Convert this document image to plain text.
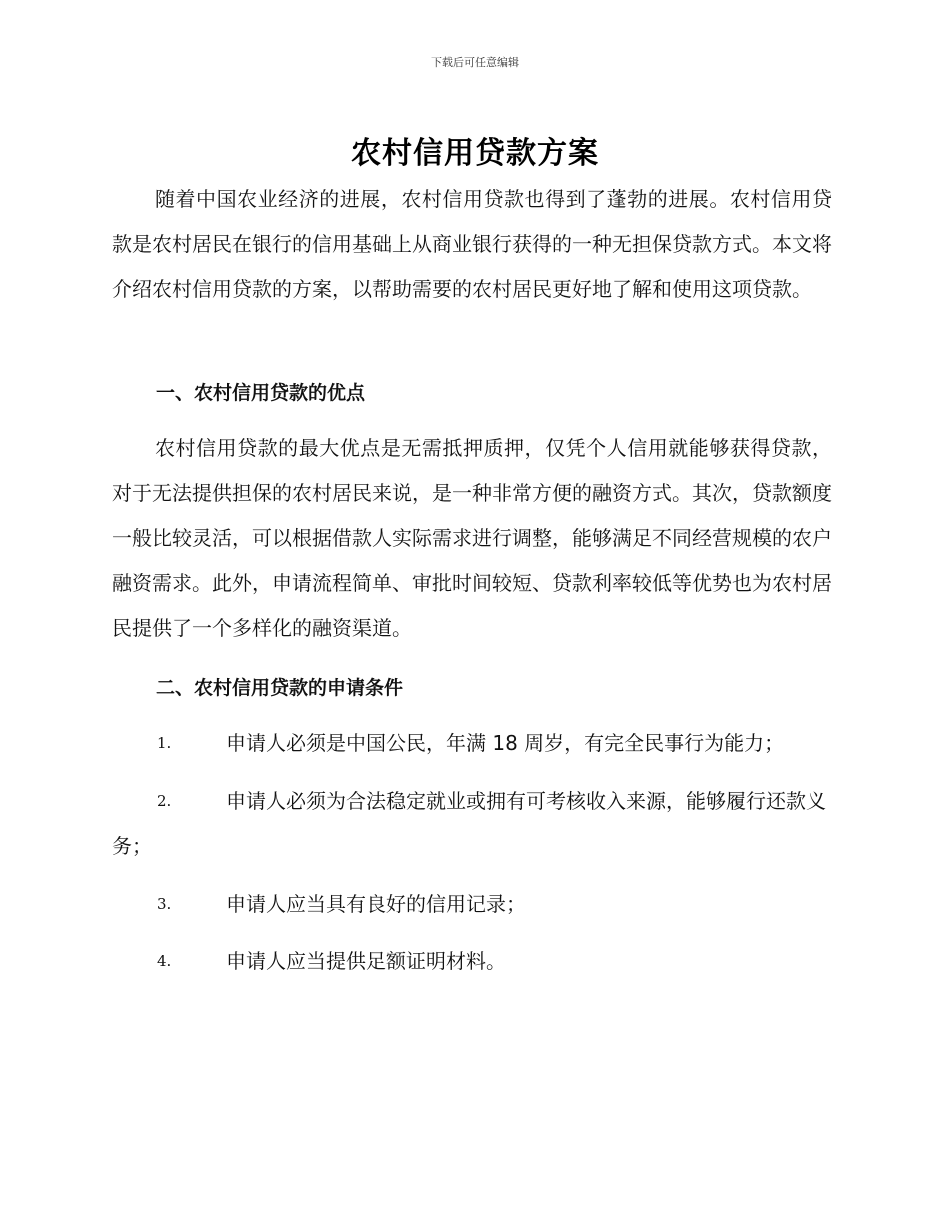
下载后可任意编辑
农村信用贷款方案

随着中国农业经济的进展，农村信用贷款也得到了蓬勃的进展。农村信用贷款是农村居民在银行的信用基础上从商业银行获得的一种无担保贷款方式。本文将介绍农村信用贷款的方案，以帮助需要的农村居民更好地了解和使用这项贷款。

一、农村信用贷款的优点

农村信用贷款的最大优点是无需抵押质押，仅凭个人信用就能够获得贷款，对于无法提供担保的农村居民来说，是一种非常方便的融资方式。其次，贷款额度一般比较灵活，可以根据借款人实际需求进行调整，能够满足不同经营规模的农户融资需求。此外，申请流程简单、审批时间较短、贷款利率较低等优势也为农村居民提供了一个多样化的融资渠道。

二、农村信用贷款的申请条件
1.	申请人必须是中国公民，年满 18 周岁，有完全民事行为能力；
2.	申请人必须为合法稳定就业或拥有可考核收入来源，能够履行还款义务；
3.	申请人应当具有良好的信用记录；
4.	申请人应当提供足额证明材料。
